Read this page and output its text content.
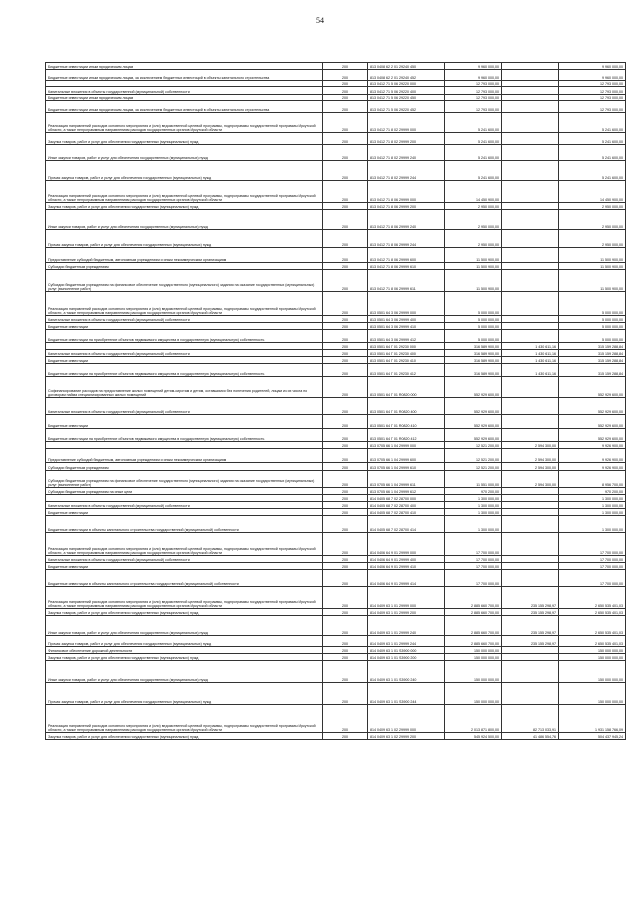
54
Бюджетные инвестиции иным юридическим лицам	200	813 0408 62 2 01 29240 450	9 960 000,00		9 960 000,00
Бюджетные инвестиции иным юридическим лицам, за исключением бюджетных инвестиций в объекты капитального строительства	200	813 0408 62 2 01 29240 452	9 960 000,00		9 960 000,00
	200	813 0412 71 5 06 29220 000	12 793 000,00		12 793 000,00
Капитальные вложения в объекты государственной (муниципальной) собственности	200	813 0412 71 5 06 29220 400	12 793 000,00		12 793 000,00
Бюджетные инвестиции иным юридическим лицам	200	813 0412 71 5 06 29220 450	12 793 000,00		12 793 000,00
Бюджетные инвестиции иным юридическим лицам, за исключением бюджетных инвестиций в объекты капитального строительства	200	813 0412 71 5 06 29220 452	12 793 000,00		12 793 000,00
Реализация направлений расходов основного мероприятия и (или) ведомственной целевой программы, подпрограммы государственной программы Иркутской области, а также непрограммным направлениям расходов государственных органов Иркутской области	200	813 0412 71 8 02 29999 000	5 241 600,00		5 241 600,00
Закупка товаров, работ и услуг для обеспечения государственных (муниципальных) нужд	200	813 0412 71 8 02 29999 200	5 241 600,00		5 241 600,00
Иные закупки товаров, работ и услуг для обеспечения государственных (муниципальных) нужд	200	813 0412 71 8 02 29999 240	5 241 600,00		5 241 600,00
Прочая закупка товаров, работ и услуг для обеспечения государственных (муниципальных) нужд	200	813 0412 71 8 02 29999 244	5 241 600,00		5 241 600,00
Реализация направлений расходов основного мероприятия и (или) ведомственной целевой программы, подпрограммы государственной программы Иркутской области, а также непрограммным направлениям расходов государственных органов Иркутской области	200	813 0412 71 8 06 29999 000	14 450 900,00		14 450 900,00
Закупка товаров, работ и услуг для обеспечения государственных (муниципальных) нужд	200	813 0412 71 8 06 29999 200	2 950 000,00		2 950 000,00
Иные закупки товаров, работ и услуг для обеспечения государственных (муниципальных) нужд	200	813 0412 71 8 06 29999 240	2 950 000,00		2 950 000,00
Прочая закупка товаров, работ и услуг для обеспечения государственных (муниципальных) нужд	200	813 0412 71 8 06 29999 244	2 950 000,00		2 950 000,00
Предоставление субсидий бюджетным, автономным учреждениям и иным некоммерческим организациям	200	813 0412 71 8 06 29999 600	11 500 900,00		11 500 900,00
Субсидии бюджетным учреждениям	200	813 0412 71 8 06 29999 610	11 500 900,00		11 500 900,00
Субсидии бюджетным учреждениям на финансовое обеспечение государственного (муниципального) задания на оказание государственных (муниципальных) услуг (выполнение работ)	200	813 0412 71 8 06 29999 611	11 500 900,00		11 500 900,00
Реализация направлений расходов основного мероприятия и (или) ведомственной целевой программы, подпрограммы государственной программы Иркутской области, а также непрограммным направлениям расходов государственных органов Иркутской области	200	813 0501 64 3 06 29999 000	5 000 000,00		5 000 000,00
Капитальные вложения в объекты государственной (муниципальной) собственности	200	813 0501 64 3 06 29999 400	5 000 000,00		5 000 000,00
Бюджетные инвестиции	200	813 0501 64 3 06 29999 410	5 000 000,00		5 000 000,00
Бюджетные инвестиции на приобретение объектов недвижимого имущества в государственную (муниципальную) собственность	200	813 0501 64 3 06 29999 412	5 000 000,00		5 000 000,00
	200	813 0501 64 Г 01 29230 000	316 589 900,00	1 430 611,16	315 159 288,84
Капитальные вложения в объекты государственной (муниципальной) собственности	200	813 0501 64 Г 01 29230 400	316 589 900,00	1 430 611,16	315 159 288,84
Бюджетные инвестиции	200	813 0501 64 Г 01 29230 410	316 589 900,00	1 430 611,16	315 159 288,84
Бюджетные инвестиции на приобретение объектов недвижимого имущества в государственную (муниципальную) собственность	200	813 0501 64 Г 01 29230 412	316 589 900,00	1 430 611,16	315 159 288,84
Софинансирование расходов на предоставление жилых помещений детям-сиротам и детям, оставшимся без попечения родителей, лицам из их числа по договорам найма специализированных жилых помещений	200	813 0501 64 Г 01 R0820 000	552 929 600,00		552 929 600,00
Капитальные вложения в объекты государственной (муниципальной) собственности	200	813 0501 64 Г 01 R0820 400	552 929 600,00		552 929 600,00
Бюджетные инвестиции	200	813 0501 64 Г 01 R0820 410	552 929 600,00		552 929 600,00
Бюджетные инвестиции на приобретение объектов недвижимого имущества в государственную (муниципальную) собственность	200	813 0501 64 Г 01 R0820 412	552 929 600,00		552 929 600,00
	200	813 0705 66 1 04 29999 000	12 521 200,00	2 594 300,00	9 926 900,00
Предоставление субсидий бюджетным, автономным учреждениям и иным некоммерческим организациям	200	813 0705 66 1 04 29999 600	12 521 200,00	2 594 300,00	9 926 900,00
Субсидии бюджетным учреждениям	200	813 0705 66 1 04 29999 610	12 521 200,00	2 594 300,00	9 926 900,00
Субсидии бюджетным учреждениям на финансовое обеспечение государственного (муниципального) задания на оказание государственных (муниципальных) услуг (выполнение работ)	200	813 0705 66 1 04 29999 611	11 551 000,00	2 594 300,00	8 956 700,00
Субсидии бюджетным учреждениям на иные цели	200	813 0705 66 1 04 29999 612	970 200,00		970 200,00
	200	814 0405 68 7 02 28700 000	1 300 000,00		1 300 000,00
Капитальные вложения в объекты государственной (муниципальной) собственности	200	814 0405 68 7 02 28700 400	1 300 000,00		1 300 000,00
Бюджетные инвестиции	200	814 0405 68 7 02 28700 410	1 300 000,00		1 300 000,00
Бюджетные инвестиции в объекты капитального строительства государственной (муниципальной) собственности	200	814 0405 68 7 02 28700 414	1 300 000,00		1 300 000,00
Реализация направлений расходов основного мероприятия и (или) ведомственной целевой программы, подпрограммы государственной программы Иркутской области, а также непрограммным направлениям расходов государственных органов Иркутской области	200	814 0406 64 9 01 29999 000	17 700 000,00		17 700 000,00
Капитальные вложения в объекты государственной (муниципальной) собственности	200	814 0406 64 9 01 29999 400	17 700 000,00		17 700 000,00
Бюджетные инвестиции	200	814 0406 64 9 01 29999 410	17 700 000,00		17 700 000,00
Бюджетные инвестиции в объекты капитального строительства государственной (муниципальной) собственности	200	814 0406 64 9 01 29999 414	17 700 000,00		17 700 000,00
Реализация направлений расходов основного мероприятия и (или) ведомственной целевой программы, подпрограммы государственной программы Иркутской области, а также непрограммным направлениям расходов государственных органов Иркутской области	200	814 0409 63 1 01 29999 000	2 885 660 700,00	235 155 298,97	2 650 535 401,03
Закупка товаров, работ и услуг для обеспечения государственных (муниципальных) нужд	200	814 0409 63 1 01 29999 200	2 885 660 700,00	235 155 298,97	2 650 535 401,03
Иные закупки товаров, работ и услуг для обеспечения государственных (муниципальных) нужд	200	814 0409 63 1 01 29999 240	2 885 660 700,00	235 155 298,97	2 650 535 401,03
Прочая закупка товаров, работ и услуг для обеспечения государственных (муниципальных) нужд	200	814 0409 63 1 01 29999 244	2 885 660 700,00	235 155 298,97	2 650 535 401,03
Финансовое обеспечение дорожной деятельности	200	814 0409 63 1 01 S3900 000	150 000 000,00		150 000 000,00
Закупка товаров, работ и услуг для обеспечения государственных (муниципальных) нужд	200	814 0409 63 1 01 S3900 200	150 000 000,00		150 000 000,00
Иные закупки товаров, работ и услуг для обеспечения государственных (муниципальных) нужд	200	814 0409 63 1 01 S3900 240	150 000 000,00		150 000 000,00
Прочая закупка товаров, работ и услуг для обеспечения государственных (муниципальных) нужд	200	814 0409 63 1 01 S3900 244	150 000 000,00		150 000 000,00
Реализация направлений расходов основного мероприятия и (или) ведомственной целевой программы, подпрограммы государственной программы Иркутской области, а также непрограммным направлениям расходов государственных органов Иркутской области	200	814 0409 63 1 02 29999 000	2 013 871 800,00	82 713 033,91	1 931 158 766,09
Закупка товаров, работ и услуг для обеспечения государственных (муниципальных) нужд	200	814 0409 63 1 02 29999 200	545 924 500,00	41 486 554,76	504 437 945,24
